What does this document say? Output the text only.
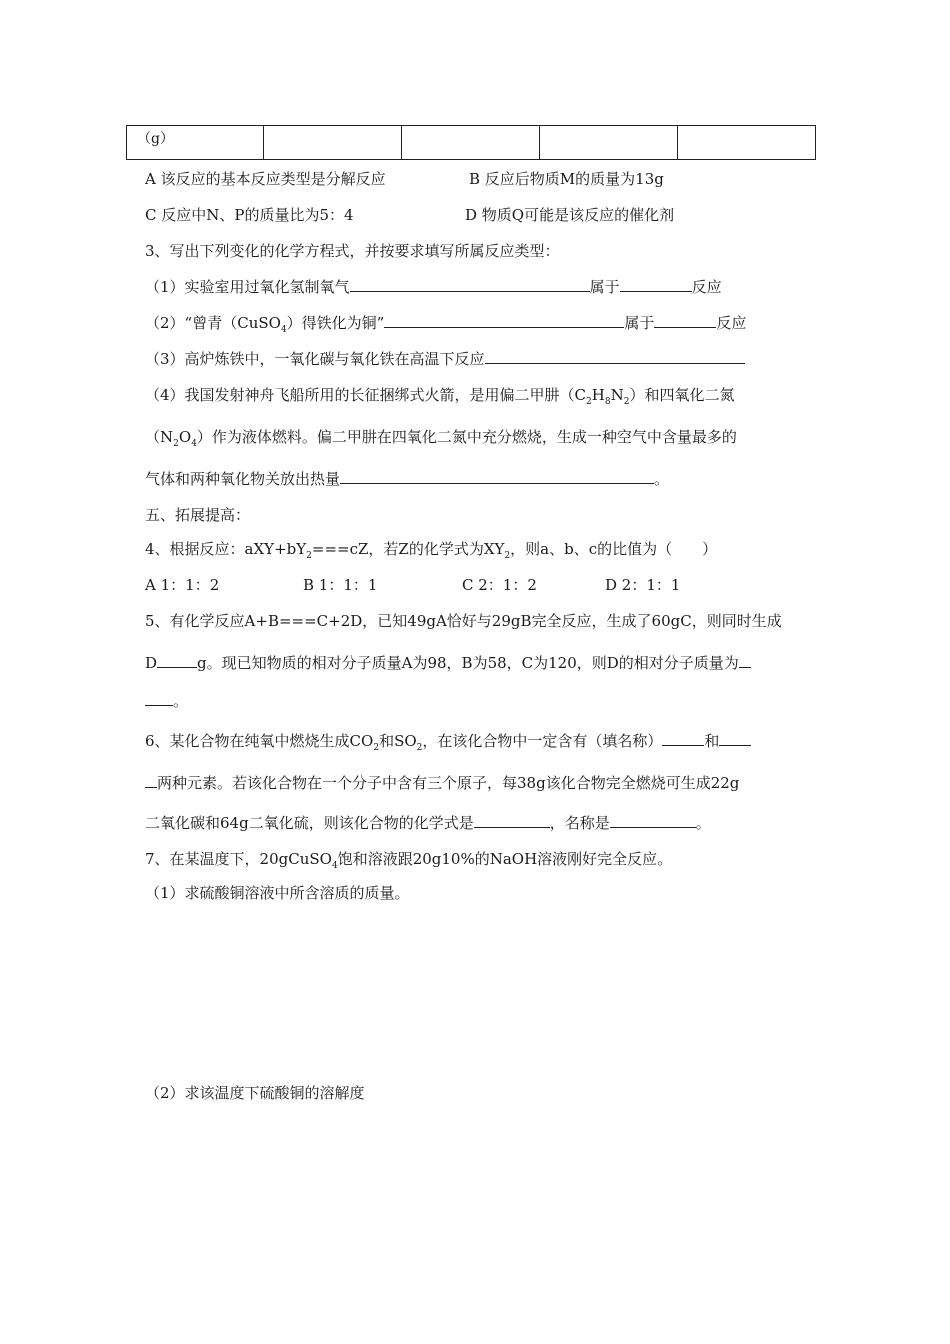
（g）				
A 该反应的基本反应类型是分解反应	B 反应后物质M的质量为13g
C 反应中N、P的质量比为5：4	D 物质Q可能是该反应的催化剂
3、写出下列变化的化学方程式，并按要求填写所属反应类型：
（1）实验室用过氧化氢制氧气	属于	反应
（2）“曾青（CuSO$_4$）得铁化为铜”	属于	反应
（3）高炉炼铁中，一氧化碳与氧化铁在高温下反应
（4）我国发射神舟飞船所用的长征捆绑式火箭，是用偏二甲肼$(C_2H_8N_2)$和四氧化二氮
$(N_2O_4)$作为液体燃料。偏二甲肼在四氧化二氮中充分燃烧，生成一种空气中含量最多的
气体和两种氧化物关放出热量	。
五、拓展提高：
4、根据反应：$aXY+bY_2===cZ$，若Z的化学式为$XY_2$，则a、b、c的比值为（　　）
A 1：1：2	B 1：1：1	C 2：1：2	D 2：1：1
5、有化学反应A+B===C+2D，已知49gA恰好与29gB完全反应，生成了60gC，则同时生成
D	g。现已知物质的相对分子质量A为98，B为58，C为120，则D的相对分子质量为
。
6、某化合物在纯氧中燃烧生成$CO_2$和$SO_2$，在该化合物中一定含有（填名称）	和
两种元素。若该化合物在一个分子中含有三个原子，每38g该化合物完全燃烧可生成22g
二氧化碳和64g二氧化硫，则该化合物的化学式是	，名称是	。
7、在某温度下，20gCuSO$_4$饱和溶液跟20g10%的NaOH溶液刚好完全反应。
（1）求硫酸铜溶液中所含溶质的质量。
（2）求该温度下硫酸铜的溶解度
